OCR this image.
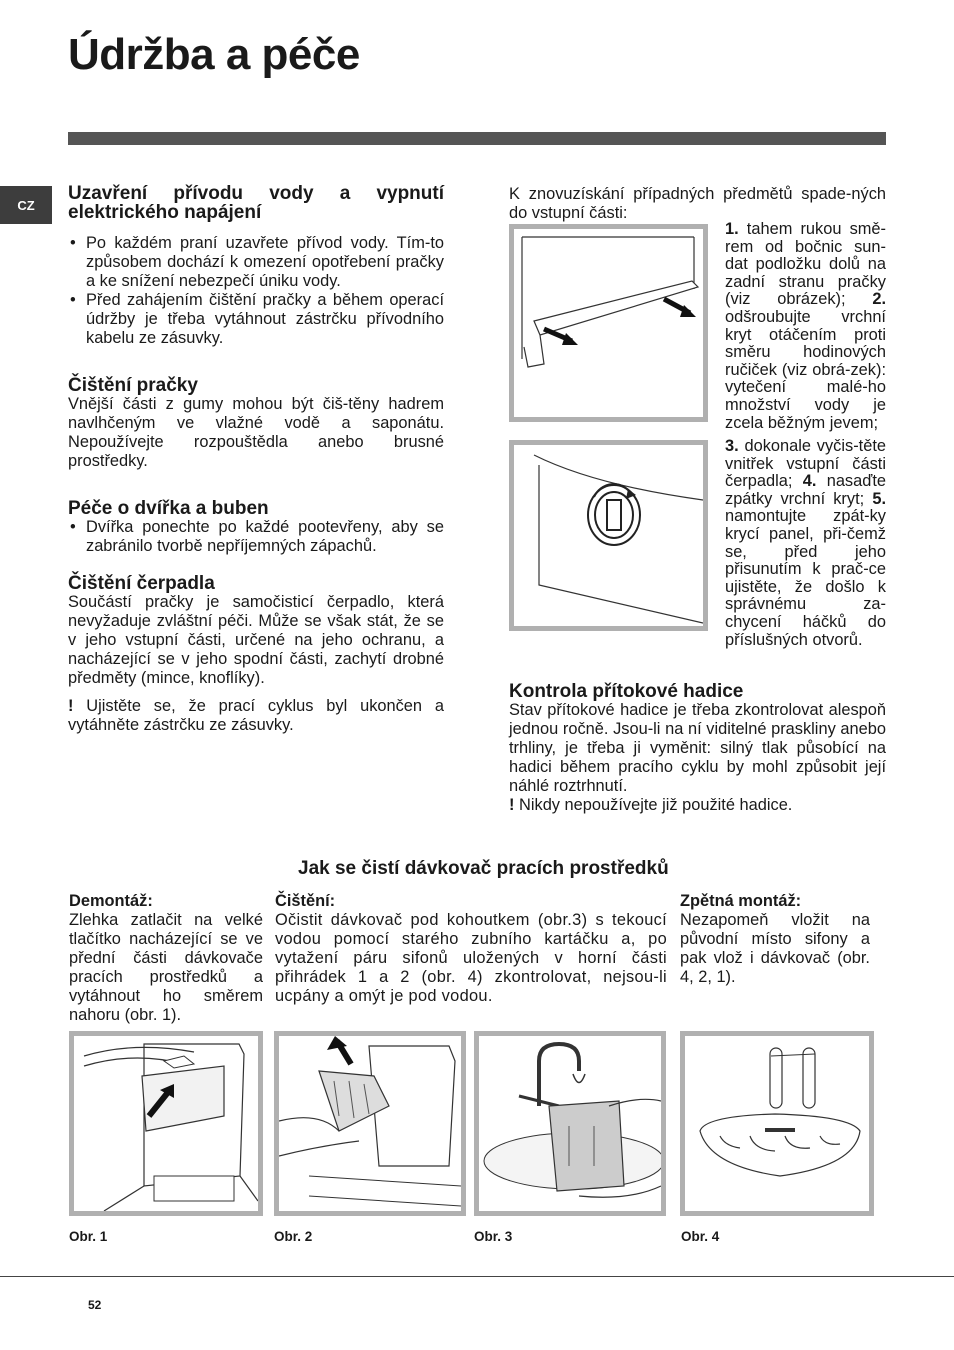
Údržba a péče
CZ
Uzavření přívodu vody a vypnutí elektrického napájení
• Po každém praní uzavřete přívod vody. Tím-to způsobem dochází k omezení opotřebení pračky a ke snížení nebezpečí úniku vody.
• Před zahájením čištění pračky a během operací údržby je třeba vytáhnout zástrčku přívodního kabelu ze zásuvky.
Čištění pračky

Vnější části z gumy mohou být čiš-těny hadrem navlhčeným ve vlažné vodě a saponátu. Nepoužívejte rozpouštědla anebo brusné prostředky.

Péče o dvířka a buben
• Dvířka ponechte po každé pootevřeny, aby se zabránilo tvorbě nepříjemných zápachů.
Čištění čerpadla

Součástí pračky je samočisticí čerpadlo, která nevyžaduje zvláštní péči. Může se však stát, že se v jeho vstupní části, určené na jeho ochranu, a nacházející se v jeho spodní části, zachytí drobné předměty (mince, knoflíky).

! Ujistěte se, že prací cyklus byl ukončen a vytáhněte zástrčku ze zásuvky.

K znovuzískání případných předmětů spade-ných do vstupní části:
1. tahem rukou smě-rem od bočnic sun-dat podložku dolů na zadní stranu pračky (viz obrázek); 2. odšroubujte vrchní kryt otáčením proti směru hodinových ručiček (viz obrá-zek): vytečení malé-ho množství vody je zcela běžným jevem;
3. dokonale vyčis-těte vnitřek vstupní části čerpadla; 4. nasaďte zpátky vrchní kryt; 5. namontujte zpát-ky krycí panel, při-čemž se, před jeho přisunutím k prač-ce ujistěte, že došlo k správnému za-chycení háčků do příslušných otvorů.
Kontrola přítokové hadice

Stav přítokové hadice je třeba zkontrolovat alespoň jednou ročně. Jsou-li na ní viditelné praskliny anebo trhliny, je třeba ji vyměnit: silný tlak působící na hadici během pracího cyklu by mohl způsobit její náhlé roztrhnutí.

! Nikdy nepoužívejte již použité hadice.

Jak se čistí dávkovač pracích prostředků

Demontáž:

Zlehka zatlačit na velké tlačítko nacházející se ve přední části dávkovače pracích prostředků a vytáhnout ho směrem nahoru (obr. 1).

Čištění:

Očistit dávkovač pod kohoutkem (obr.3) s tekoucí vodou pomocí starého zubního kartáčku a, po vytažení páru sifonů uložených v horní části přihrádek 1 a 2 (obr. 4) zkontrolovat, nejsou-li ucpány a omýt je pod vodou.

Zpětná montáž:

Nezapomeň vložit na původní místo sifony a pak vlož i dávkovač (obr. 4, 2, 1).

Obr. 1	Obr. 2	Obr. 3	Obr. 4
52
